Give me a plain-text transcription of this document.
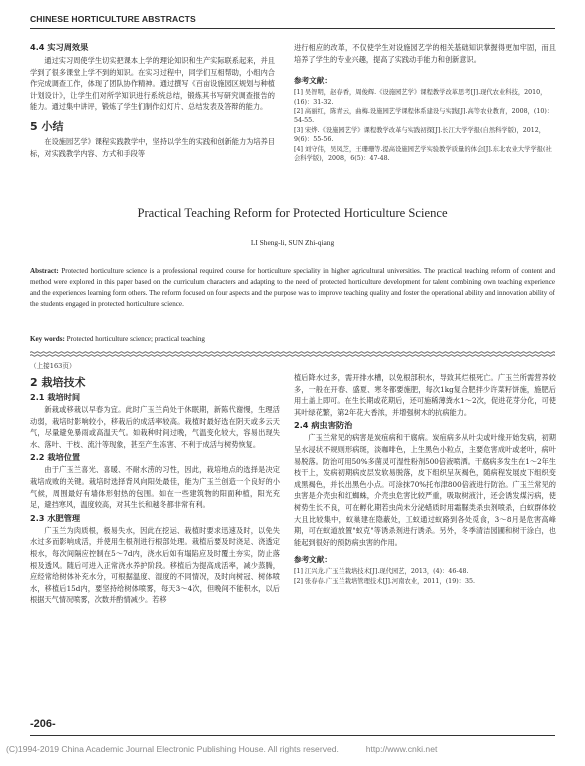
CHINESE HORTICULTURE ABSTRACTS

4.4 实习周效果

通过实习周使学生切实把课本上学的理论知识和生产实际联系起来，并且学到了很多课堂上学不到的知识。在实习过程中，同学们互相帮助，小组内合作完成调查工作，体现了团队协作精神。通过撰写《百亩设施园区规划与种植计划设计》，让学生们对所学知识进行系统总结，锻炼其书写研究调查报告的能力。通过集中讲评，锻炼了学生们制作幻灯片、总结发表及答辩的能力。

5 小结

在设施园艺学》课程实践教学中，坚持以学生的实践和创新能力为培养目标，对实践教学内容、方式和手段等

进行相应的改革，不仅使学生对设施园艺学的相关基础知识掌握得更加牢固，而且培养了学生的专业兴趣，提高了实践动手能力和创新意识。

参考文献：

[1] 吴智明，赵春香，周俊辉.《设施园艺学》课程教学改革思考[J].现代农业科技，2010，(16)：31-32.

[2] 高丽红，陈青云，曲梅.设施园艺学课程体系建设与实践[J].高等农业教育，2008，(10)：54-55.

[3] 宋烨.《设施园艺学》课程教学改革与实践初探[J].长江大学学报(自然科学版)，2012，9(6)：55-56.

[4] 刘守伟，吴凤芝，王珊珊等.提高设施园艺学实验教学质量的体会[J].东北农业大学学报(社会科学版)，2008，6(5)：47-48.

Practical Teaching Reform for Protected Horticulture Science
LI Sheng-li, SUN Zhi-qiang
Abstract: Protected horticulture science is a professional required course for horticulture speciality in higher agricultural universities. The practical teaching reform of content and method were explored in this paper based on the curriculum characters and adapting to the need of protected horticulture development for talent combining own teaching experience and the experiences learning form others. The reform focused on four aspects and the purpose was to improve teaching quality and foster the operational ability and innovation ability of the students engaged in protected horticulture science.
Key words: Protected horticulture science; practical teaching

（上接163页）

2 栽培技术

2.1 栽培时间

新栽或移栽以早春为宜。此时广玉兰尚处于休眠期，新陈代谢慢，生理活动弱，栽培时影响较小，移栽后的成活率较高。栽植时最好选在阴天或多云天气，尽量避免暴雨或高温天气。如栽种时间过晚，气温变化较大，容易出现失水、落叶、干枝、流汁等现象，甚至产生冻害、不利于成活与树势恢复。

2.2 栽培位置

由于广玉兰喜光、喜暖、不耐水涝的习性，因此，栽培地点的选择是决定栽培成败的关键。栽培时选择背风向阳处最佳，能为广玉兰创造一个良好的小气候，周围最好有墙体形射热的包围。如在一些建筑物的阳面种植，阳光充足，避挡寒风，温度较高，对其生长和越冬都非常有利。

2.3 水肥管理

广玉兰为肉质根，极易失水，因此在挖运、栽植时要求迅速及时，以免失水过多而影响成活，并使用生根剂进行根部处理。栽植后要及时浇足、浇透定根水，每次间隔应控制在5～7d内，浇水后如有塌陷应及时覆土夯实，防止落根及透风。随后可进入正常浇水养护阶段。移植后为提高成活率，减少蒸腾，应经常给树体补充水分，可根据温度、湿度的不同情况，及时向树冠、树体喷水，移植后15d内，要坚持给树体喷雾，每天3～4次，但晚间不能积水，以后根据天气情况喷雾，次数并酌情减少。若移

植后降水过多，需开排水槽，以免根部积水，导致其烂根死亡。广玉兰所需营养较多，一般在开春、盛夏、寒冬都要施肥，每次1kg复合肥拌少许菜籽饼施，施肥后用土盖上即可。在生长期或花期后，还可施稀薄粪水1～2次，促进花芽分化，可使其叶绿花繁，第2年花大香浓，并增强树木的抗病能力。

2.4 病虫害防治

广玉兰常见的病害是炭疽病和干腐病。炭疽病多从叶尖或叶缘开始发病，初期呈水浸状不规则形病斑，淡咖啡色，上生黑色小粒点，主要危害成叶或老叶，病叶易脱落。防治可用50%多菌灵可湿性粉剂500倍液喷洒。干腐病多发生在1～2年生枝干上，发病初期病皮层发软易脱落，皮下组织呈灰褐色，随病程发展皮下组织变成黑褐色，并长出黑色小点。可涂抹70%托布津800倍液进行防治。广玉兰常见的虫害是介壳虫和红蜘蛛，介壳虫危害比较严重，吸取树液汁，还会诱发煤污病，使树势生长不良，可在孵化期若虫尚未分泌蜡质时用霜脲类杀虫剂喷杀，白蚁群体较大且比较集中，蚁巢建在隐蔽处，工蚁通过蚁路到各处觅食，3～8月是危害高峰期，可在蚁道放置"蚁克"等诱杀剂进行诱杀。另外，冬季清洁园圃和树干涂白，也能起到很好的预防病虫害的作用。

参考文献：

[1] 江兴龙.广玉兰栽培技术[J].现代园艺，2013，(4)：46-48.

[2] 张春春.广玉兰栽培管理技术[J].河南农业，2011，(19)：35.

-206-
(C)1994-2019 China Academic Journal Electronic Publishing House. All rights reserved.	http://www.cnki.net
